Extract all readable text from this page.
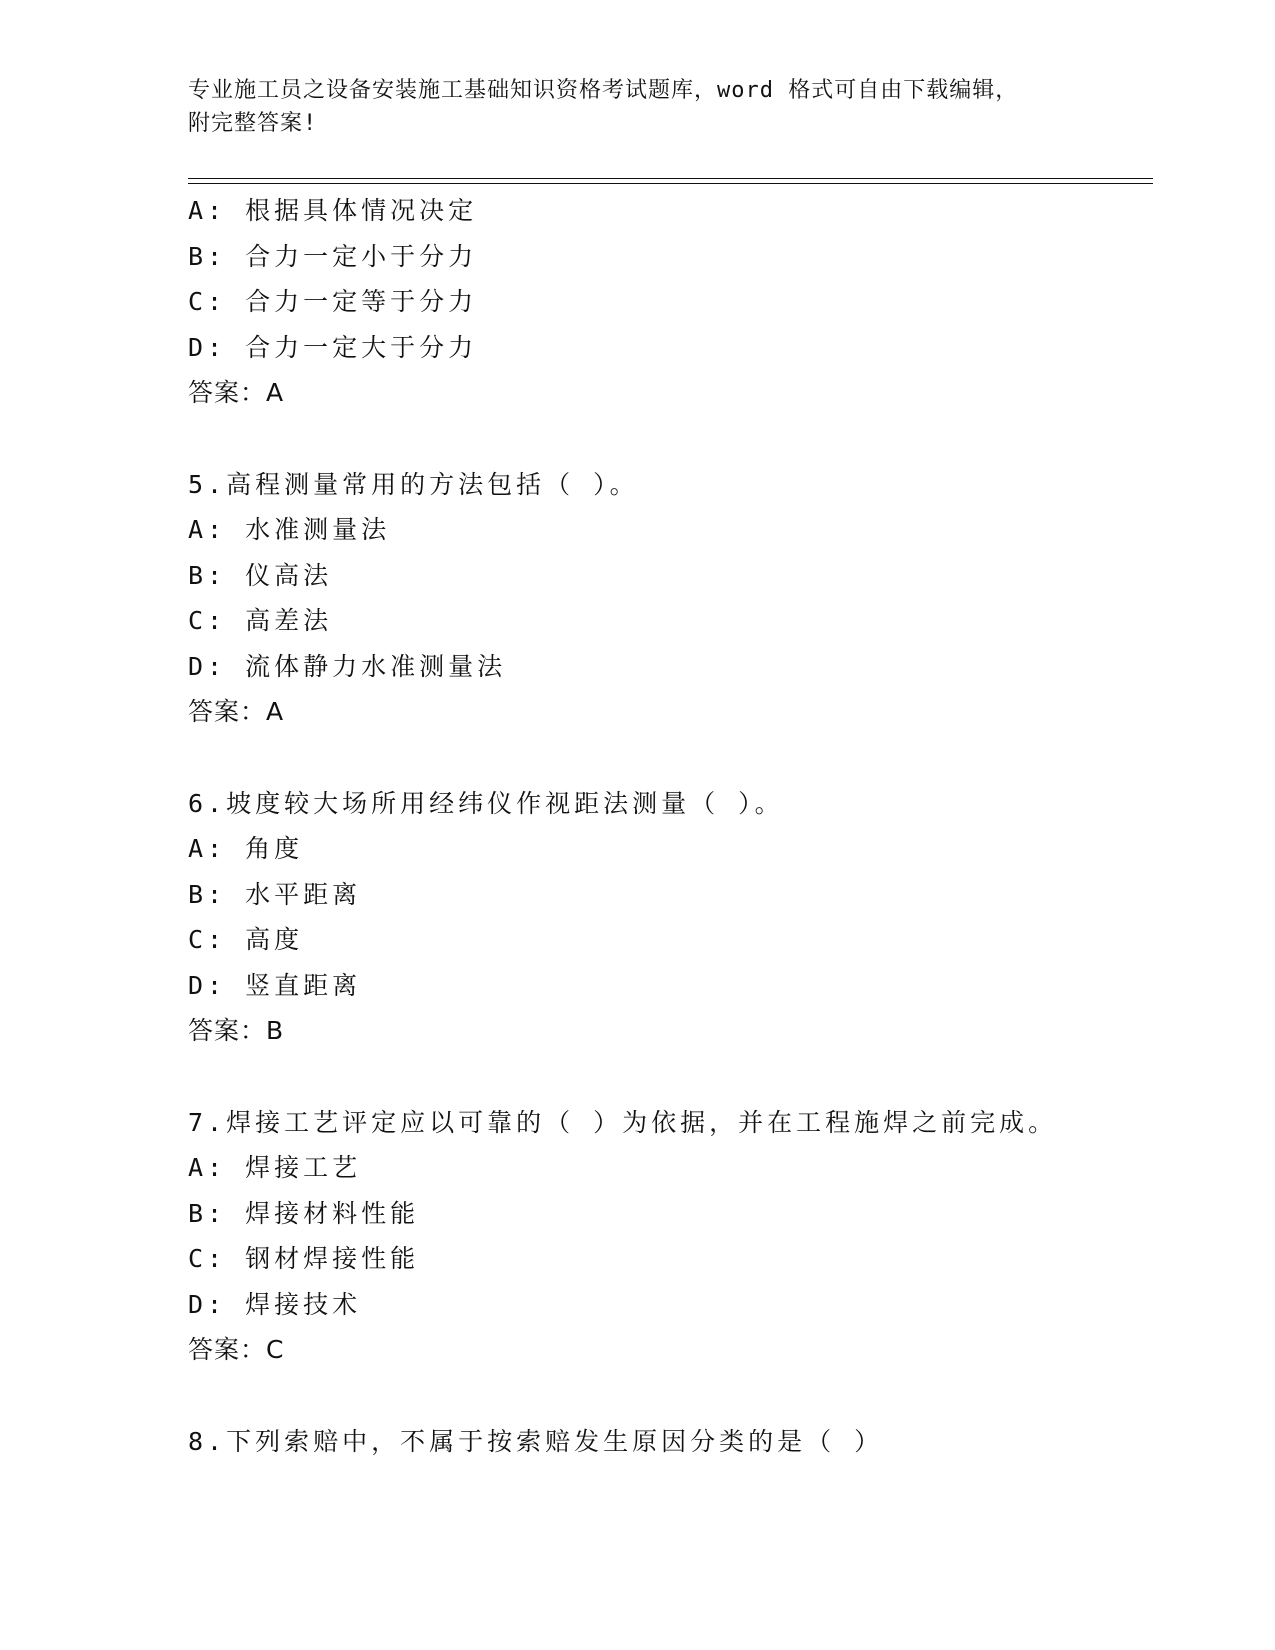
专业施工员之设备安装施工基础知识资格考试题库，word 格式可自由下载编辑，
附完整答案!
A: 根据具体情况决定
B: 合力一定小于分力
C: 合力一定等于分力
D: 合力一定大于分力
答案：A
5.高程测量常用的方法包括（ ）。
A: 水准测量法
B: 仪高法
C: 高差法
D: 流体静力水准测量法
答案：A
6.坡度较大场所用经纬仪作视距法测量（ ）。
A: 角度
B: 水平距离
C: 高度
D: 竖直距离
答案：B
7.焊接工艺评定应以可靠的（ ）为依据，并在工程施焊之前完成。
A: 焊接工艺
B: 焊接材料性能
C: 钢材焊接性能
D: 焊接技术
答案：C
8.下列索赔中，不属于按索赔发生原因分类的是（ ）
